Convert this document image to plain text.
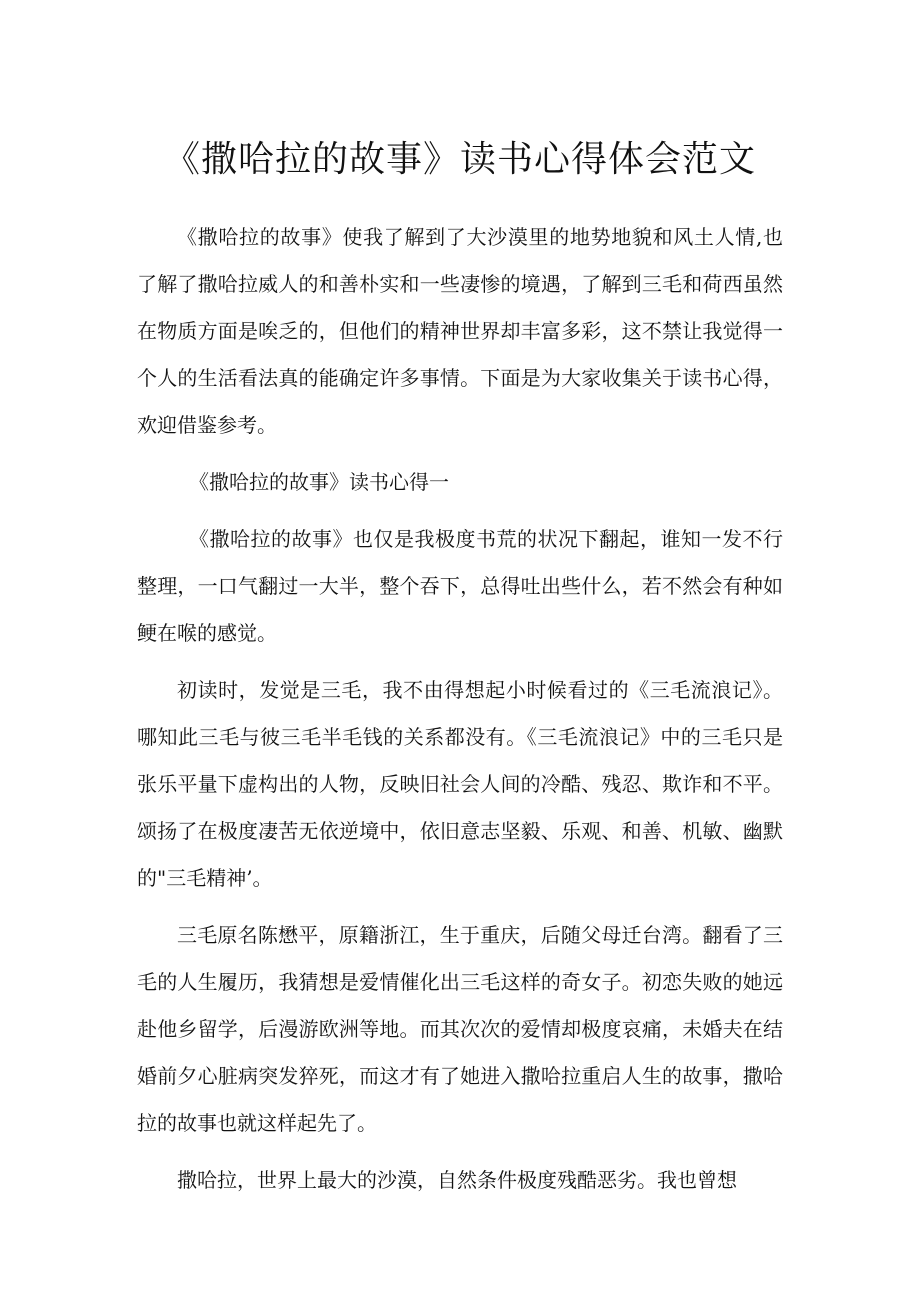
《撒哈拉的故事》读书心得体会范文

《撒哈拉的故事》使我了解到了大沙漠里的地势地貌和风土人情,也了解了撒哈拉威人的和善朴实和一些凄惨的境遇，了解到三毛和荷西虽然在物质方面是唉乏的，但他们的精神世界却丰富多彩，这不禁让我觉得一个人的生活看法真的能确定许多事情。下面是为大家收集关于读书心得，欢迎借鉴参考。

《撒哈拉的故事》读书心得一

《撒哈拉的故事》也仅是我极度书荒的状况下翻起，谁知一发不行整理，一口气翻过一大半，整个吞下，总得吐出些什么，若不然会有种如鲠在喉的感觉。

初读时，发觉是三毛，我不由得想起小时候看过的《三毛流浪记》。哪知此三毛与彼三毛半毛钱的关系都没有。《三毛流浪记》中的三毛只是张乐平量下虚构出的人物，反映旧社会人间的冷酷、残忍、欺诈和不平。颂扬了在极度凄苦无依逆境中，依旧意志坚毅、乐观、和善、机敏、幽默的"三毛精神’。

三毛原名陈懋平，原籍浙江，生于重庆，后随父母迁台湾。翻看了三毛的人生履历，我猜想是爱情催化出三毛这样的奇女子。初恋失败的她远赴他乡留学，后漫游欧洲等地。而其次次的爱情却极度哀痛，未婚夫在结婚前夕心脏病突发猝死，而这才有了她进入撒哈拉重启人生的故事，撒哈拉的故事也就这样起先了。

撒哈拉，世界上最大的沙漠，自然条件极度残酷恶劣。我也曾想
